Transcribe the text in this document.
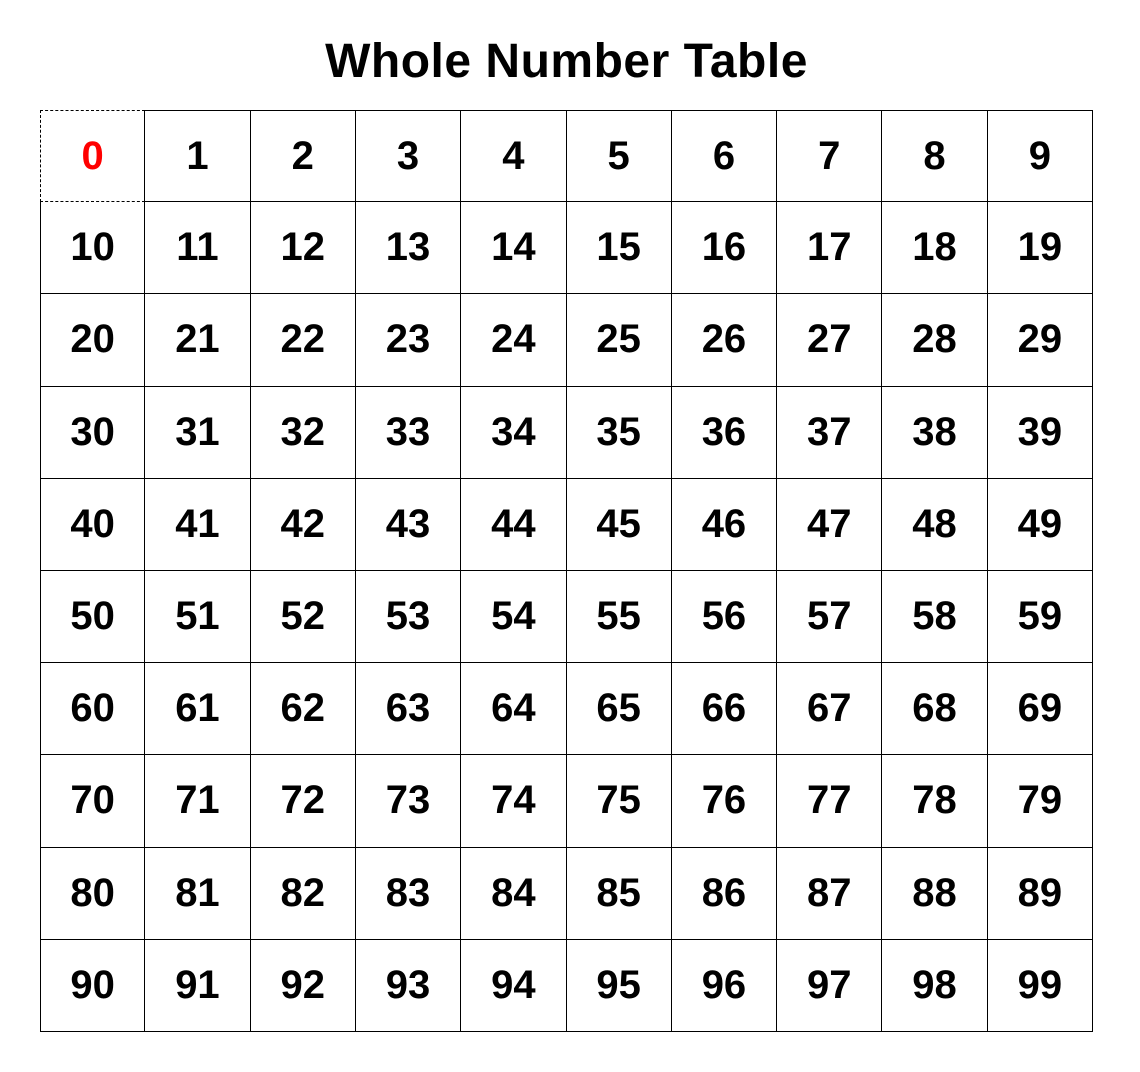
Whole Number Table
0	1	2	3	4	5	6	7	8	9
10	11	12	13	14	15	16	17	18	19
20	21	22	23	24	25	26	27	28	29
30	31	32	33	34	35	36	37	38	39
40	41	42	43	44	45	46	47	48	49
50	51	52	53	54	55	56	57	58	59
60	61	62	63	64	65	66	67	68	69
70	71	72	73	74	75	76	77	78	79
80	81	82	83	84	85	86	87	88	89
90	91	92	93	94	95	96	97	98	99
